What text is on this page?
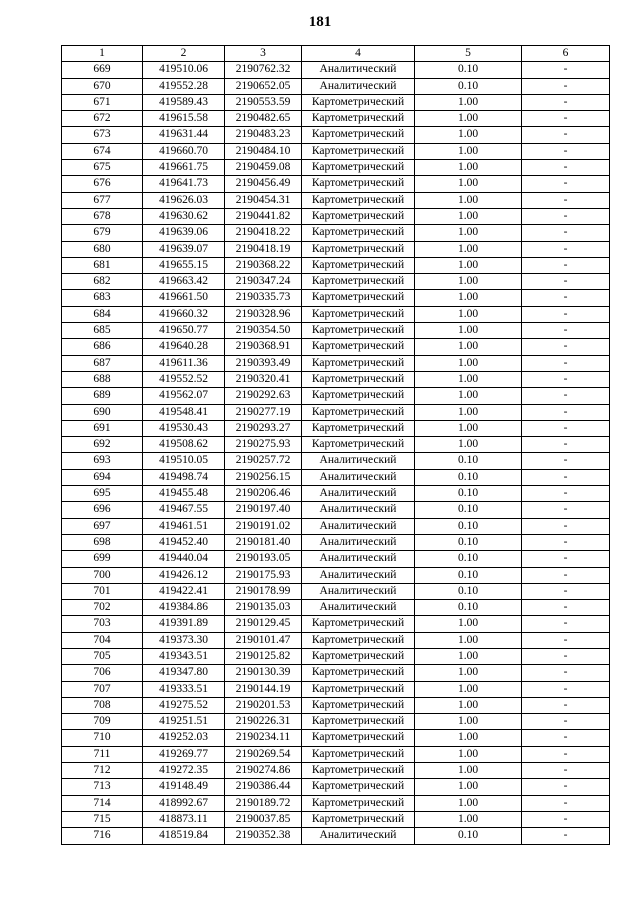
181
1	2	3	4	5	6
669	419510.06	2190762.32	Аналитический	0.10	-
670	419552.28	2190652.05	Аналитический	0.10	-
671	419589.43	2190553.59	Картометрический	1.00	-
672	419615.58	2190482.65	Картометрический	1.00	-
673	419631.44	2190483.23	Картометрический	1.00	-
674	419660.70	2190484.10	Картометрический	1.00	-
675	419661.75	2190459.08	Картометрический	1.00	-
676	419641.73	2190456.49	Картометрический	1.00	-
677	419626.03	2190454.31	Картометрический	1.00	-
678	419630.62	2190441.82	Картометрический	1.00	-
679	419639.06	2190418.22	Картометрический	1.00	-
680	419639.07	2190418.19	Картометрический	1.00	-
681	419655.15	2190368.22	Картометрический	1.00	-
682	419663.42	2190347.24	Картометрический	1.00	-
683	419661.50	2190335.73	Картометрический	1.00	-
684	419660.32	2190328.96	Картометрический	1.00	-
685	419650.77	2190354.50	Картометрический	1.00	-
686	419640.28	2190368.91	Картометрический	1.00	-
687	419611.36	2190393.49	Картометрический	1.00	-
688	419552.52	2190320.41	Картометрический	1.00	-
689	419562.07	2190292.63	Картометрический	1.00	-
690	419548.41	2190277.19	Картометрический	1.00	-
691	419530.43	2190293.27	Картометрический	1.00	-
692	419508.62	2190275.93	Картометрический	1.00	-
693	419510.05	2190257.72	Аналитический	0.10	-
694	419498.74	2190256.15	Аналитический	0.10	-
695	419455.48	2190206.46	Аналитический	0.10	-
696	419467.55	2190197.40	Аналитический	0.10	-
697	419461.51	2190191.02	Аналитический	0.10	-
698	419452.40	2190181.40	Аналитический	0.10	-
699	419440.04	2190193.05	Аналитический	0.10	-
700	419426.12	2190175.93	Аналитический	0.10	-
701	419422.41	2190178.99	Аналитический	0.10	-
702	419384.86	2190135.03	Аналитический	0.10	-
703	419391.89	2190129.45	Картометрический	1.00	-
704	419373.30	2190101.47	Картометрический	1.00	-
705	419343.51	2190125.82	Картометрический	1.00	-
706	419347.80	2190130.39	Картометрический	1.00	-
707	419333.51	2190144.19	Картометрический	1.00	-
708	419275.52	2190201.53	Картометрический	1.00	-
709	419251.51	2190226.31	Картометрический	1.00	-
710	419252.03	2190234.11	Картометрический	1.00	-
711	419269.77	2190269.54	Картометрический	1.00	-
712	419272.35	2190274.86	Картометрический	1.00	-
713	419148.49	2190386.44	Картометрический	1.00	-
714	418992.67	2190189.72	Картометрический	1.00	-
715	418873.11	2190037.85	Картометрический	1.00	-
716	418519.84	2190352.38	Аналитический	0.10	-
